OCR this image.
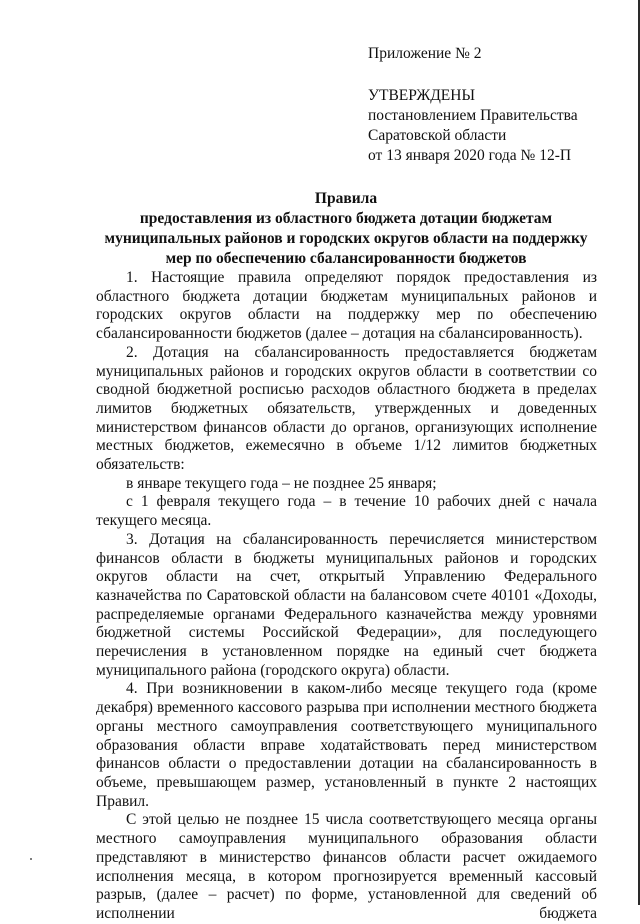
Приложение № 2
УТВЕРЖДЕНЫ
постановлением Правительства
Саратовской области
от 13 января 2020 года № 12-П
Правила
предоставления из областного бюджета дотации бюджетам
муниципальных районов и городских округов области на поддержку
мер по обеспечению сбалансированности бюджетов

1. Настоящие правила определяют порядок предоставления из областного бюджета дотации бюджетам муниципальных районов и городских округов области на поддержку мер по обеспечению сбалансированности бюджетов (далее – дотация на сбалансированность).

2. Дотация на сбалансированность предоставляется бюджетам муниципальных районов и городских округов области в соответствии со сводной бюджетной росписью расходов областного бюджета в пределах лимитов бюджетных обязательств, утвержденных и доведенных министерством финансов области до органов, организующих исполнение местных бюджетов, ежемесячно в объеме 1/12 лимитов бюджетных обязательств:

в январе текущего года – не позднее 25 января;

с 1 февраля текущего года – в течение 10 рабочих дней с начала текущего месяца.

3. Дотация на сбалансированность перечисляется министерством финансов области в бюджеты муниципальных районов и городских округов области на счет, открытый Управлению Федерального казначейства по Саратовской области на балансовом счете 40101 «Доходы, распределяемые органами Федерального казначейства между уровнями бюджетной системы Российской Федерации», для последующего перечисления в установленном порядке на единый счет бюджета муниципального района (городского округа) области.

4. При возникновении в каком-либо месяце текущего года (кроме декабря) временного кассового разрыва при исполнении местного бюджета органы местного самоуправления соответствующего муниципального образования области вправе ходатайствовать перед министерством финансов области о предоставлении дотации на сбалансированность в объеме, превышающем размер, установленный в пункте 2 настоящих Правил.

С этой целью не позднее 15 числа соответствующего месяца органы местного самоуправления муниципального образования области представляют в министерство финансов области расчет ожидаемого исполнения месяца, в котором прогнозируется временный кассовый разрыв, (далее – расчет) по форме, установленной для сведений об исполнении бюджета
